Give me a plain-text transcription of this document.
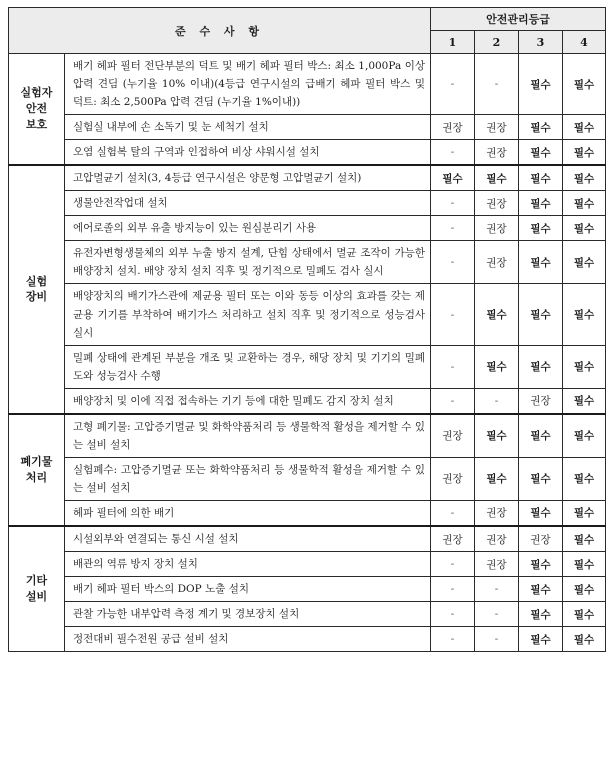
준 수 사 항		안전관리등급			
		1	2	3	4

실험자
안전
보호	배기 헤파 필터 전단부분의 덕트 및 배기 헤파 필터 박스: 최소 1,000Pa 이상 압력 견딤 (누기율 10% 이내)(4등급 연구시설의 급배기 헤파 필터 박스 및 덕트: 최소 2,500Pa 압력 견딤 (누기율 1%이내))	-	-	필수	필수
	실험실 내부에 손 소독기 및 눈 세척기 설치	권장	권장	필수	필수
	오염 실험복 탈의 구역과 인접하여 비상 샤워시설 설치	-	권장	필수	필수

실험
장비	고압멸균기 설치(3, 4등급 연구시설은 양문형 고압멸균기 설치)	필수	필수	필수	필수
	생물안전작업대 설치	-	권장	필수	필수
	에어로졸의 외부 유출 방지능이 있는 원심분리기 사용	-	권장	필수	필수
	유전자변형생물체의 외부 누출 방지 설계, 단힘 상태에서 멸균 조작이 가능한 배양장치 설치. 배양 장치 설치 직후 및 정기적으로 밀폐도 검사 실시	-	권장	필수	필수
	배양장치의 배기가스관에 제균용 필터 또는 이와 동등 이상의 효과를 갖는 제균용 기기를 부착하여 배기가스 처리하고 설치 직후 및 정기적으로 성능검사 실시	-	필수	필수	필수
	밀폐 상태에 관계된 부분을 개조 및 교환하는 경우, 해당 장치 및 기기의 밀폐도와 성능검사 수행	-	필수	필수	필수
	배양장치 및 이에 직접 접속하는 기기 등에 대한 밀폐도 감지 장치 설치	-	-	권장	필수

폐기물
처리	고형 폐기물: 고압증기멸균 및 화학약품처리 등 생물학적 활성을 제거할 수 있는 설비 설치	권장	필수	필수	필수
	실험폐수: 고압증기멸균 또는 화학약품처리 등 생물학적 활성을 제거할 수 있는 설비 설치	권장	필수	필수	필수
	헤파 필터에 의한 배기	-	권장	필수	필수

기타
설비	시설외부와 연결되는 통신 시설 설치	권장	권장	권장	필수
	배관의 역류 방지 장치 설치	-	권장	필수	필수
	배기 헤파 필터 박스의 DOP 노출 설치	-	-	필수	필수
	관찰 가능한 내부압력 측정 계기 및 경보장치 설치	-	-	필수	필수
	정전대비 필수전원 공급 설비 설치	-	-	필수	필수
